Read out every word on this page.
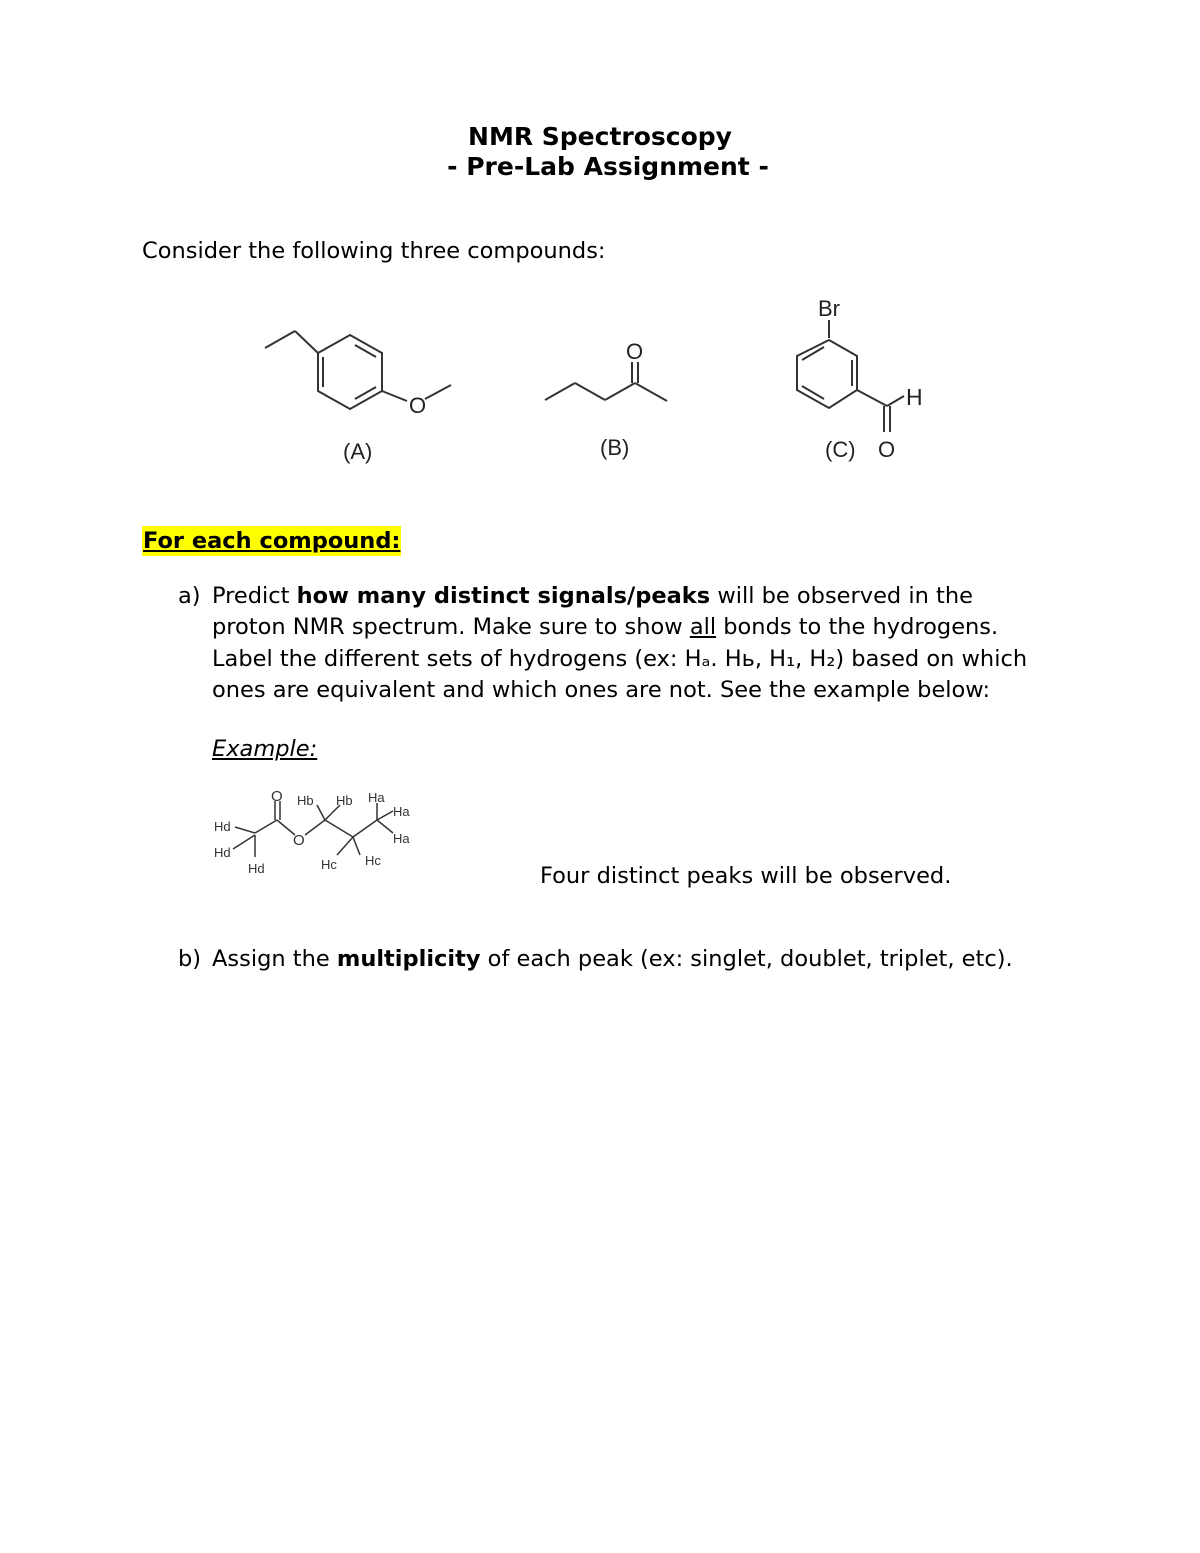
NMR Spectroscopy
- Pre-Lab Assignment -
Consider the following three compounds:
O
(A)
O
(B)
Br
H
O
(C)
For each compound:
a) Predict how many distinct signals/peaks will be observed in the
proton NMR spectrum. Make sure to show all bonds to the hydrogens.
Label the different sets of hydrogens (ex: Hₐ. Hь, H₁, H₂) based on which
ones are equivalent and which ones are not. See the example below:
Example:
O
O
Hd
Hd
Hd
Hb Hb
Hc Hc
Ha
Ha
Ha
Four distinct peaks will be observed.
b) Assign the multiplicity of each peak (ex: singlet, doublet, triplet, etc).
